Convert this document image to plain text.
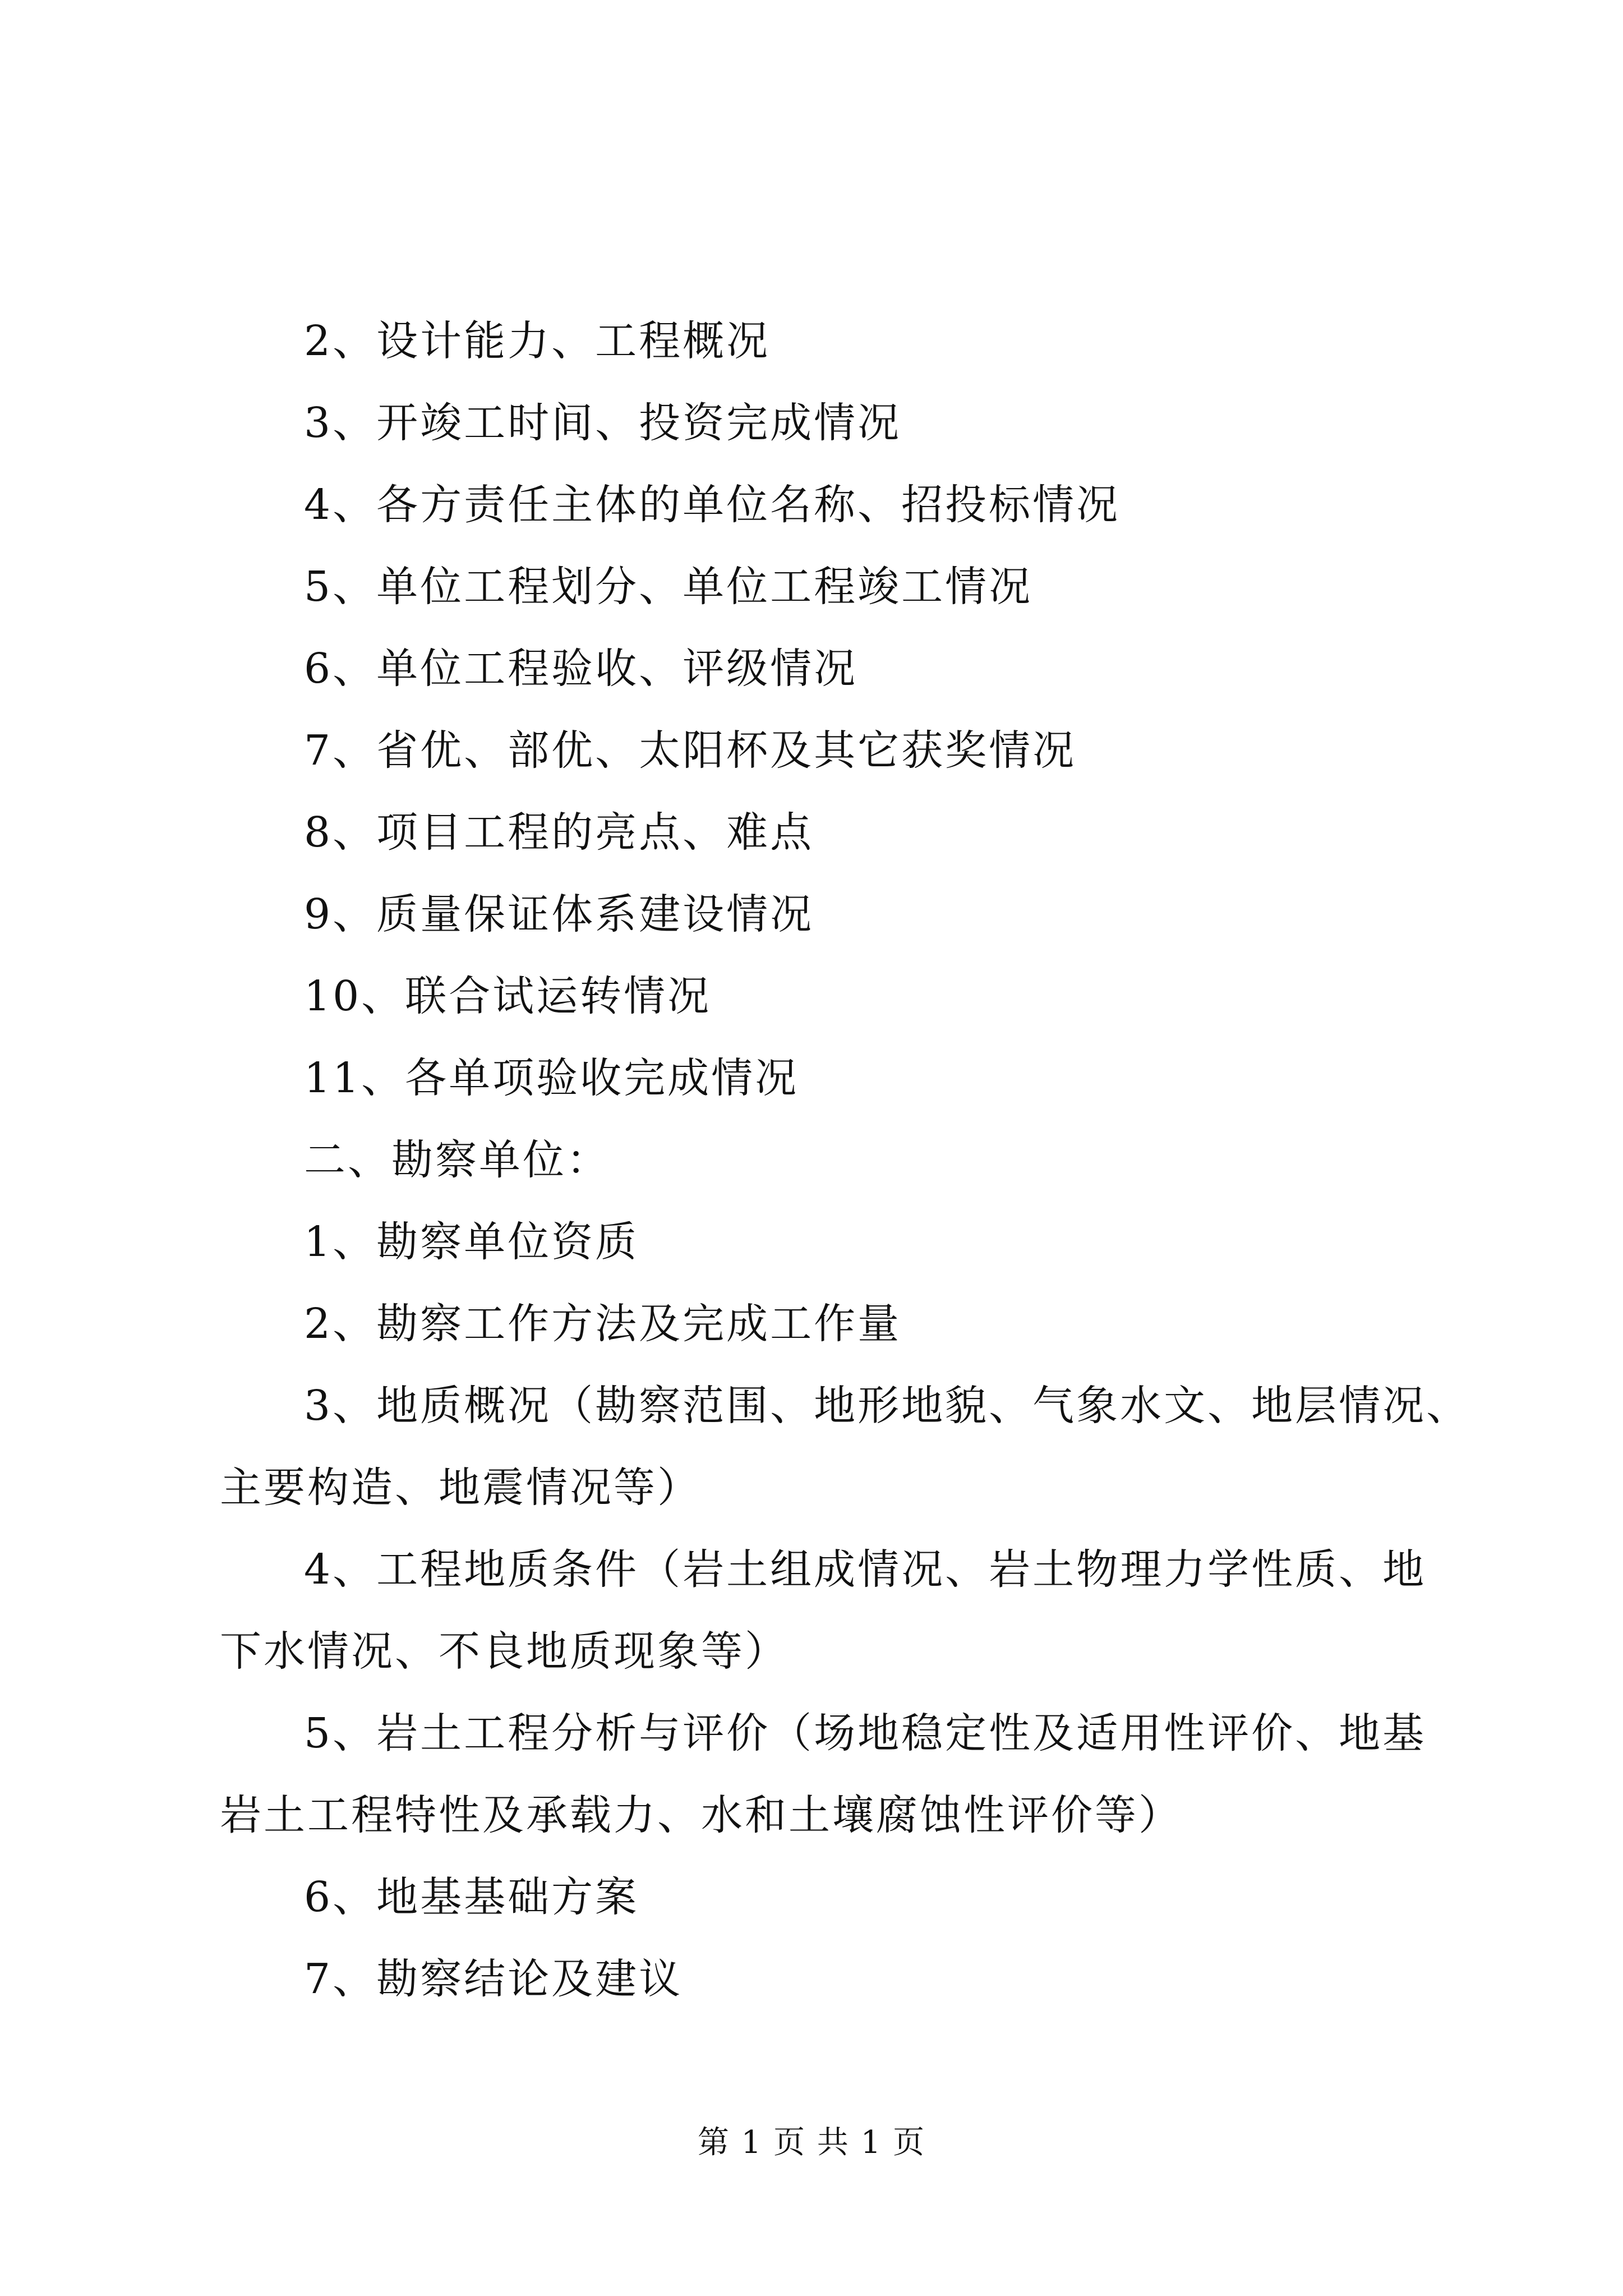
2、设计能力、工程概况

3、开竣工时间、投资完成情况

4、各方责任主体的单位名称、招投标情况

5、单位工程划分、单位工程竣工情况

6、单位工程验收、评级情况

7、省优、部优、太阳杯及其它获奖情况

8、项目工程的亮点、难点

9、质量保证体系建设情况

10、联合试运转情况

11、各单项验收完成情况

二、勘察单位：

1、勘察单位资质

2、勘察工作方法及完成工作量

3、地质概况（勘察范围、地形地貌、气象水文、地层情况、

主要构造、地震情况等）

4、工程地质条件（岩土组成情况、岩土物理力学性质、地

下水情况、不良地质现象等）

5、岩土工程分析与评价（场地稳定性及适用性评价、地基

岩土工程特性及承载力、水和土壤腐蚀性评价等）

6、地基基础方案

7、勘察结论及建议

第 1 页 共 1 页
